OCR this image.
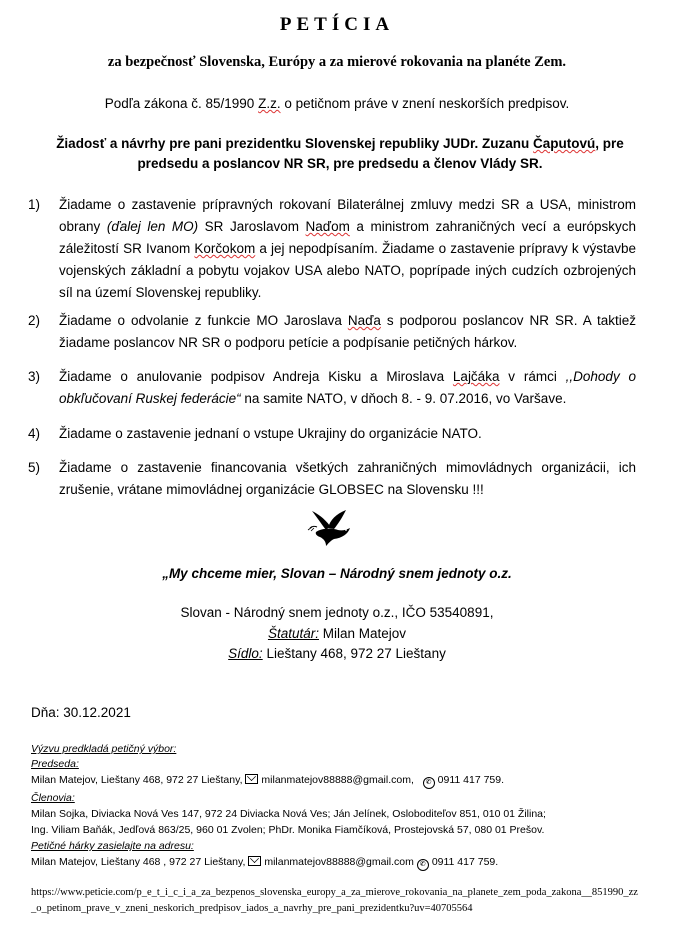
PETÍCIA
za bezpečnosť Slovenska, Európy a za mierové rokovania na planéte Zem.
Podľa zákona č. 85/1990 Z.z. o petičnom práve v znení neskorších predpisov.
Žiadosť a návrhy pre pani prezidentku Slovenskej republiky JUDr. Zuzanu Čaputovú, pre predsedu a poslancov NR SR, pre predsedu a členov Vlády SR.
1)	Žiadame o zastavenie prípravných rokovaní Bilaterálnej zmluvy medzi SR a USA, ministrom obrany (ďalej len MO) SR Jaroslavom Naďom a ministrom zahraničných vecí a európskych záležitostí SR Ivanom Korčokom a jej nepodpísaním. Žiadame o zastavenie prípravy k výstavbe vojenských základní a pobytu vojakov USA alebo NATO, poprípade iných cudzích ozbrojených síl na území Slovenskej republiky.
2)	Žiadame o odvolanie z funkcie MO Jaroslava Naďa s podporou poslancov NR SR. A taktiež žiadame poslancov NR SR o podporu petície a podpísanie petičných hárkov.
3)	Žiadame o anulovanie podpisov Andreja Kisku a Miroslava Lajčáka v rámci ,,Dohody o obkľučovaní Ruskej federácie“ na samite NATO, v dňoch 8. - 9. 07.2016, vo Varšave.
4)	Žiadame o zastavenie jednaní o vstupe Ukrajiny do organizácie NATO.
5)	Žiadame o zastavenie financovania všetkých zahraničných mimovládnych organizácii, ich zrušenie, vrátane mimovládnej organizácie GLOBSEC na Slovensku !!!
„My chceme mier, Slovan – Národný snem jednoty o.z.
Slovan - Národný snem jednoty o.z., IČO 53540891,
Štatutár: Milan Matejov
Sídlo: Lieštany 468, 972 27 Lieštany
Dňa: 30.12.2021
Výzvu predkladá petičný výbor:
Predseda:
Milan Matejov, Lieštany 468, 972 27 Lieštany, milanmatejov88888@gmail.com, ✆ 0911 417 759.
Členovia:
Milan Sojka, Diviacka Nová Ves 147, 972 24 Diviacka Nová Ves; Ján Jelínek, Osloboditeľov 851, 010 01 Žilina;
Ing. Viliam Baňák, Jedľová 863/25, 960 01 Zvolen; PhDr. Monika Fiamčíková, Prostejovská 57, 080 01 Prešov.
Petičné hárky zasielajte na adresu:
Milan Matejov, Lieštany 468 , 972 27 Lieštany, milanmatejov88888@gmail.com ✆ 0911 417 759.
https://www.peticie.com/p_e_t_i_c_i_a_za_bezpenos_slovenska_europy_a_za_mierove_rokovania_na_planete_zem_poda_zakona__851990_zz_o_petinom_prave_v_zneni_neskorich_predpisov_iados_a_navrhy_pre_pani_prezidentku?uv=40705564
